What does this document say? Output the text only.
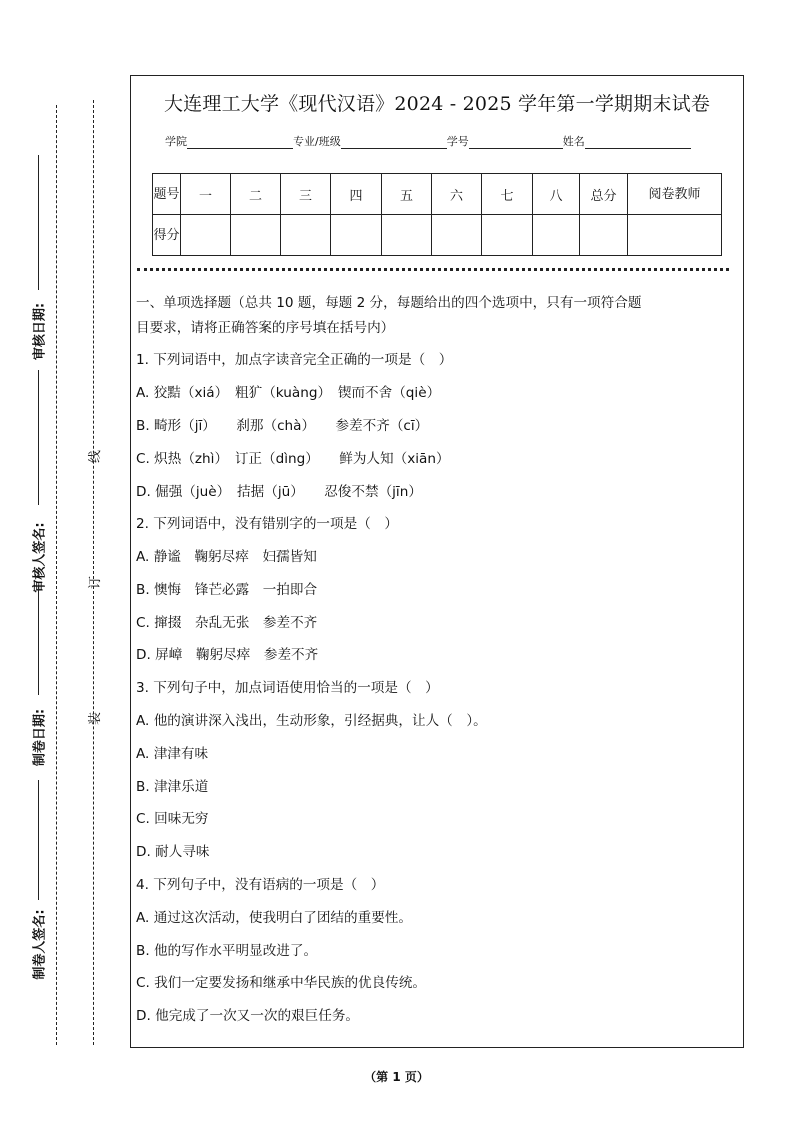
审核日期:
审核人签名:
制卷日期:
制卷人签名:
线
订
装
大连理工大学《现代汉语》2024 - 2025 学年第一学期期末试卷
学院	专业/班级	学号	姓名
题号	一	二	三	四	五	六	七	八	总分	阅卷教师
得分										
一、单项选择题（总共 10 题，每题 2 分，每题给出的四个选项中，只有一项符合题
目要求，请将正确答案的序号填在括号内）
1. 下列词语中，加点字读音完全正确的一项是（　）
A. 狡黠（xiá）　粗犷（kuàng）　锲而不舍（qiè）
B. 畸形（jī）　　刹那（chà）　　参差不齐（cī）
C. 炽热（zhì）　订正（dìng）　　鲜为人知（xiān）
D. 倔强（juè）　拮据（jū）　　忍俊不禁（jīn）
2. 下列词语中，没有错别字的一项是（　）
A. 静谧　鞠躬尽瘁　妇孺皆知
B. 懊悔　锋芒必露　一拍即合
C. 撺掇　杂乱无张　参差不齐
D. 屏嶂　鞠躬尽瘁　参差不齐
3. 下列句子中，加点词语使用恰当的一项是（　）
A. 他的演讲深入浅出，生动形象，引经据典，让人（　）。
A. 津津有味
B. 津津乐道
C. 回味无穷
D. 耐人寻味
4. 下列句子中，没有语病的一项是（　）
A. 通过这次活动，使我明白了团结的重要性。
B. 他的写作水平明显改进了。
C. 我们一定要发扬和继承中华民族的优良传统。
D. 他完成了一次又一次的艰巨任务。
（第 1 页）
